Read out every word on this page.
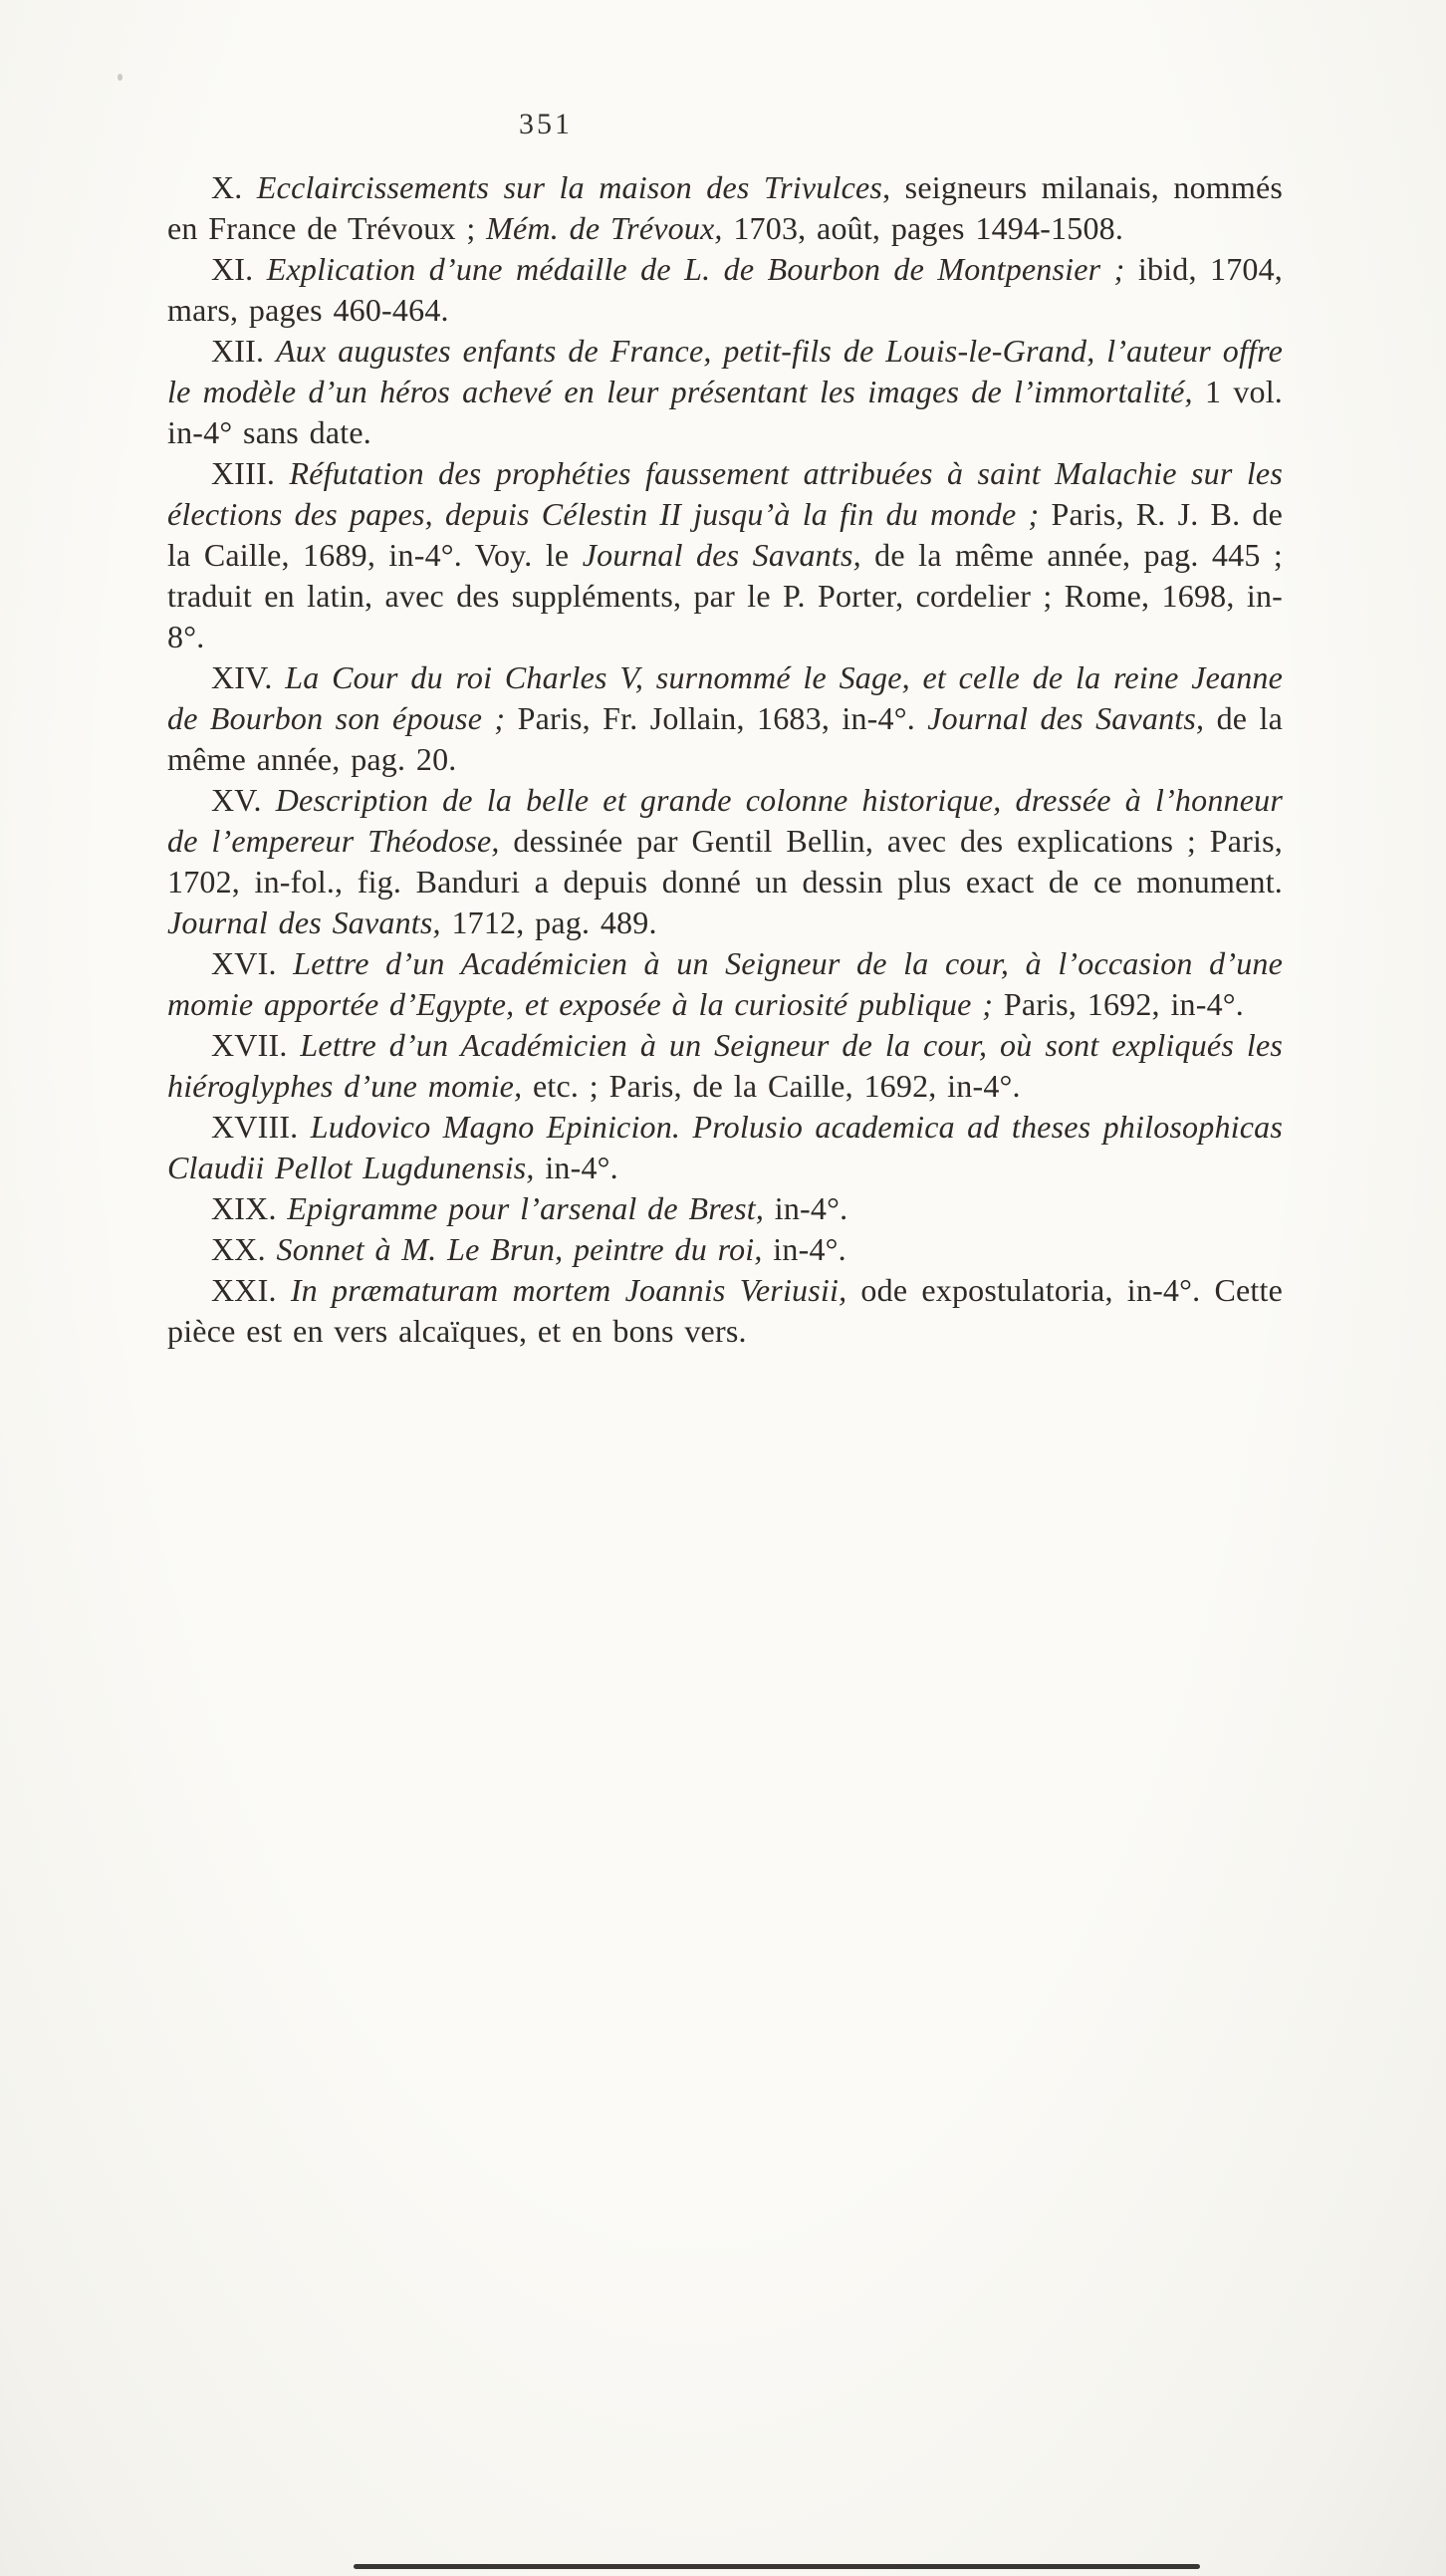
351

X. Ecclaircissements sur la maison des Trivulces, seigneurs milanais, nommés en France de Trévoux ; Mém. de Trévoux, 1703, août, pages 1494-1508.

XI. Explication d’une médaille de L. de Bourbon de Montpensier ; ibid, 1704, mars, pages 460-464.

XII. Aux augustes enfants de France, petit-fils de Louis-le-Grand, l’auteur offre le modèle d’un héros achevé en leur présentant les images de l’immortalité, 1 vol. in-4° sans date.

XIII. Réfutation des prophéties faussement attribuées à saint Malachie sur les élections des papes, depuis Célestin II jusqu’à la fin du monde ; Paris, R. J. B. de la Caille, 1689, in-4°. Voy. le Journal des Savants, de la même année, pag. 445 ; traduit en latin, avec des suppléments, par le P. Porter, cordelier ; Rome, 1698, in-8°.

XIV. La Cour du roi Charles V, surnommé le Sage, et celle de la reine Jeanne de Bourbon son épouse ; Paris, Fr. Jollain, 1683, in-4°. Journal des Savants, de la même année, pag. 20.

XV. Description de la belle et grande colonne historique, dressée à l’honneur de l’empereur Théodose, dessinée par Gentil Bellin, avec des explications ; Paris, 1702, in-fol., fig. Banduri a depuis donné un dessin plus exact de ce monument. Journal des Savants, 1712, pag. 489.

XVI. Lettre d’un Académicien à un Seigneur de la cour, à l’occasion d’une momie apportée d’Egypte, et exposée à la curiosité publique ; Paris, 1692, in-4°.

XVII. Lettre d’un Académicien à un Seigneur de la cour, où sont expliqués les hiéroglyphes d’une momie, etc. ; Paris, de la Caille, 1692, in-4°.

XVIII. Ludovico Magno Epinicion. Prolusio academica ad theses philosophicas Claudii Pellot Lugdunensis, in-4°.

XIX. Epigramme pour l’arsenal de Brest, in-4°.

XX. Sonnet à M. Le Brun, peintre du roi, in-4°.

XXI. In præmaturam mortem Joannis Veriusii, ode expostulatoria, in-4°. Cette pièce est en vers alcaïques, et en bons vers.
